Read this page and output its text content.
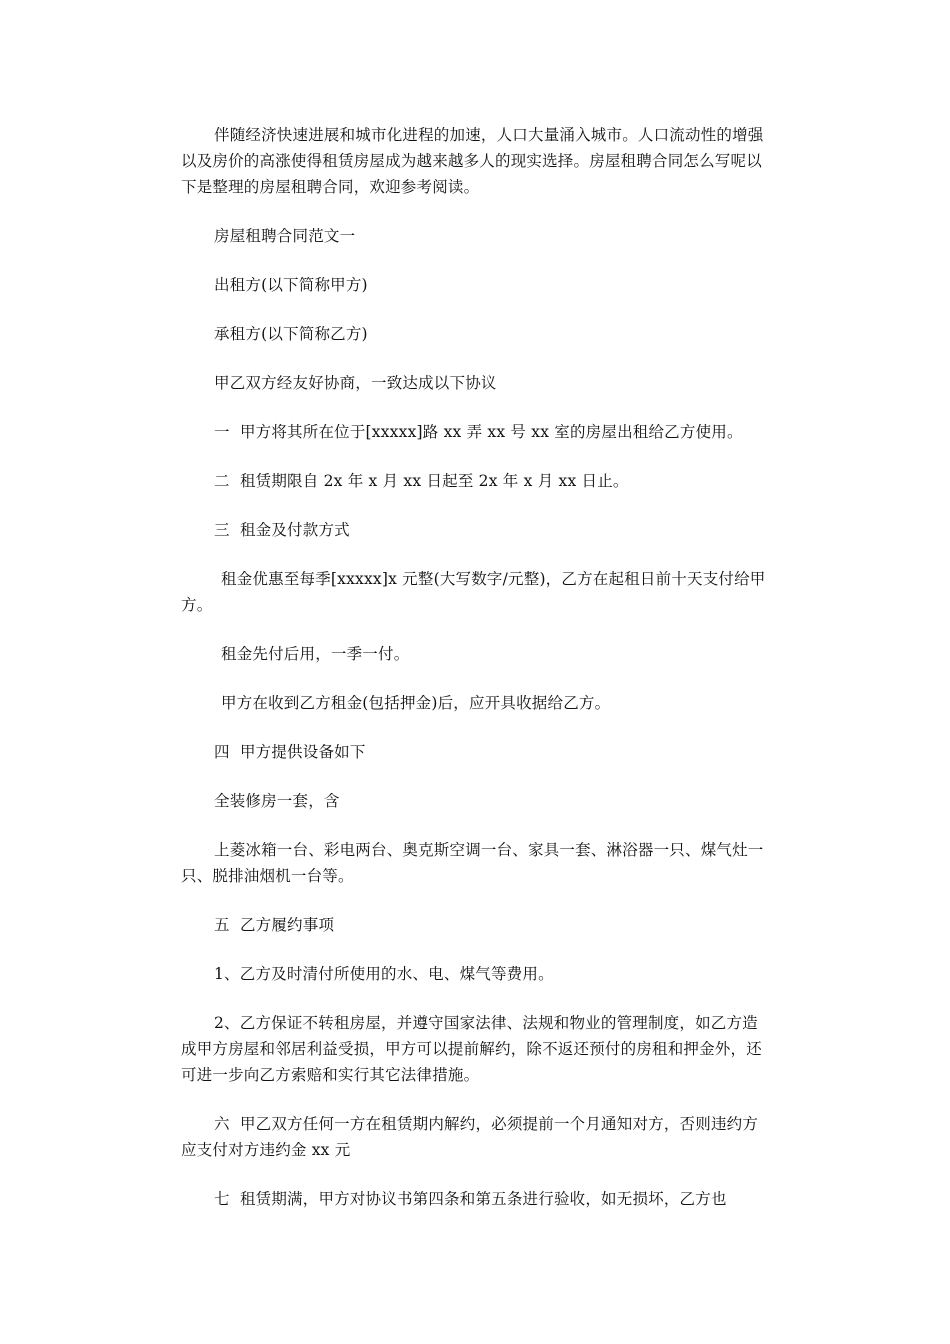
伴随经济快速进展和城市化进程的加速，人口大量涌入城市。人口流动性的增强以及房价的高涨使得租赁房屋成为越来越多人的现实选择。房屋租聘合同怎么写呢以下是整理的房屋租聘合同，欢迎参考阅读。

房屋租聘合同范文一

出租方(以下简称甲方)

承租方(以下简称乙方)

甲乙双方经友好协商，一致达成以下协议

一  甲方将其所在位于[xxxxx]路 xx 弄 xx 号 xx 室的房屋出租给乙方使用。

二  租赁期限自 2x 年 x 月 xx 日起至 2x 年 x 月 xx 日止。

三  租金及付款方式

租金优惠至每季[xxxxx]x 元整(大写数字/元整)，乙方在起租日前十天支付给甲方。

租金先付后用，一季一付。

甲方在收到乙方租金(包括押金)后，应开具收据给乙方。

四  甲方提供设备如下

全装修房一套，含

上菱冰箱一台、彩电两台、奥克斯空调一台、家具一套、淋浴器一只、煤气灶一只、脱排油烟机一台等。

五  乙方履约事项

1、乙方及时清付所使用的水、电、煤气等费用。

2、乙方保证不转租房屋，并遵守国家法律、法规和物业的管理制度，如乙方造成甲方房屋和邻居利益受损，甲方可以提前解约，除不返还预付的房租和押金外，还可进一步向乙方索赔和实行其它法律措施。

六  甲乙双方任何一方在租赁期内解约，必须提前一个月通知对方，否则违约方应支付对方违约金 xx 元

七  租赁期满，甲方对协议书第四条和第五条进行验收，如无损坏，乙方也
